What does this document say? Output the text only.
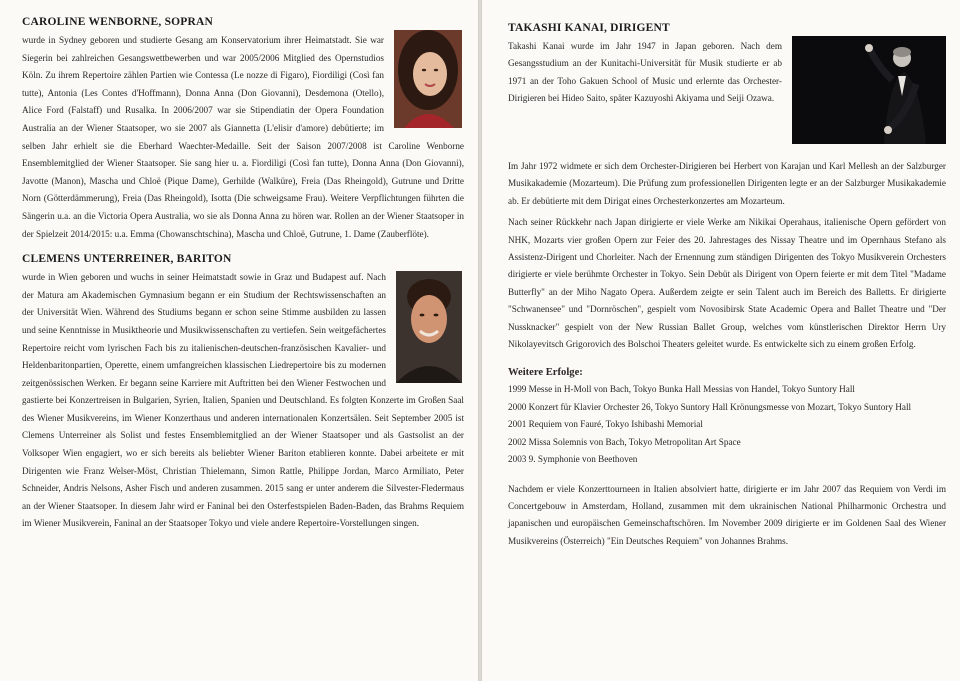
CAROLINE WENBORNE, SOPRAN

wurde in Sydney geboren und studierte Gesang am Konservatorium ihrer Heimatstadt. Sie war Siegerin bei zahlreichen Gesangswettbewerben und war 2005/2006 Mitglied des Opernstudios Köln. Zu ihrem Repertoire zählen Partien wie Contessa (Le nozze di Figaro), Fiordiligi (Così fan tutte), Antonia (Les Contes d'Hoffmann), Donna Anna (Don Giovanni), Desdemona (Otello), Alice Ford (Falstaff) und Rusalka. In 2006/2007 war sie Stipendiatin der Opera Foundation Australia an der Wiener Staatsoper, wo sie 2007 als Giannetta (L'elisir d'amore) debütierte; im selben Jahr erhielt sie die Eberhard Waechter-Medaille. Seit der Saison 2007/2008 ist Caroline Wenborne Ensemblemitglied der Wiener Staatsoper. Sie sang hier u. a. Fiordiligi (Così fan tutte), Donna Anna (Don Giovanni), Javotte (Manon), Mascha und Chloë (Pique Dame), Gerhilde (Walküre), Freia (Das Rheingold), Gutrune und Dritte Norn (Götterdämmerung), Freia (Das Rheingold), Isotta (Die schweigsame Frau). Weitere Verpflichtungen führten die Sängerin u.a. an die Victoria Opera Australia, wo sie als Donna Anna zu hören war. Rollen an der Wiener Staatsoper in der Spielzeit 2014/2015: u.a. Emma (Chowanschtschina), Mascha und Chloë, Gutrune, 1. Dame (Zauberflöte).

CLEMENS UNTERREINER, BARITON

wurde in Wien geboren und wuchs in seiner Heimatstadt sowie in Graz und Budapest auf. Nach der Matura am Akademischen Gymnasium begann er ein Studium der Rechtswissenschaften an der Universität Wien. Während des Studiums begann er schon seine Stimme ausbilden zu lassen und seine Kenntnisse in Musiktheorie und Musikwissenschaften zu vertiefen. Sein weitgefächertes Repertoire reicht vom lyrischen Fach bis zu italienischen-deutschen-französischen Kavalier- und Heldenbaritonpartien, Operette, einem umfangreichen klassischen Liedrepertoire bis zu modernen zeitgenössischen Werken. Er begann seine Karriere mit Auftritten bei den Wiener Festwochen und gastierte bei Konzertreisen in Bulgarien, Syrien, Italien, Spanien und Deutschland. Es folgten Konzerte im Großen Saal des Wiener Musikvereins, im Wiener Konzerthaus und anderen internationalen Konzertsälen. Seit September 2005 ist Clemens Unterreiner als Solist und festes Ensemblemitglied an der Wiener Staatsoper und als Gastsolist an der Volksoper Wien engagiert, wo er sich bereits als beliebter Wiener Bariton etablieren konnte. Dabei arbeitete er mit Dirigenten wie Franz Welser-Möst, Christian Thielemann, Simon Rattle, Philippe Jordan, Marco Armiliato, Peter Schneider, Andris Nelsons, Asher Fisch und anderen zusammen. 2015 sang er unter anderem die Silvester-Fledermaus an der Wiener Staatsoper. In diesem Jahr wird er Faninal bei den Osterfestspielen Baden-Baden, das Brahms Requiem im Wiener Musikverein, Faninal an der Staatsoper Tokyo und viele andere Repertoire-Vorstellungen singen.

TAKASHI KANAI, DIRIGENT

Takashi Kanai wurde im Jahr 1947 in Japan geboren. Nach dem Gesangsstudium an der Kunitachi-Universität für Musik studierte er ab 1971 an der Toho Gakuen School of Music und erlernte das Orchester-Dirigieren bei Hideo Saito, später Kazuyoshi Akiyama und Seiji Ozawa.

Im Jahr 1972 widmete er sich dem Orchester-Dirigieren bei Herbert von Karajan und Karl Mellesh an der Salzburger Musikakademie (Mozarteum). Die Prüfung zum professionellen Dirigenten legte er an der Salzburger Musikakademie ab. Er debütierte mit dem Dirigat eines Orchesterkonzertes am Mozarteum.

Nach seiner Rückkehr nach Japan dirigierte er viele Werke am Nikikai Operahaus, italienische Opern gefördert von NHK, Mozarts vier großen Opern zur Feier des 20. Jahrestages des Nissay Theatre und im Opernhaus Stefano als Assistenz-Dirigent und Chorleiter. Nach der Ernennung zum ständigen Dirigenten des Tokyo Musikverein Orchesters dirigierte er viele berühmte Orchester in Tokyo. Sein Debüt als Dirigent von Opern feierte er mit dem Titel "Madame Butterfly" an der Miho Nagato Opera. Außerdem zeigte er sein Talent auch im Bereich des Balletts. Er dirigierte "Schwanensee" und "Dornröschen", gespielt vom Novosibirsk State Academic Opera and Ballet Theatre und "Der Nussknacker" gespielt von der New Russian Ballet Group, welches vom künstlerischen Direktor Herrn Ury Nikolayevitsch Grigorovich des Bolschoi Theaters geleitet wurde. Es entwickelte sich zu einem großen Erfolg.

Weitere Erfolge:
1999 Messe in H-Moll von Bach, Tokyo Bunka Hall Messias von Handel, Tokyo Suntory Hall
2000 Konzert für Klavier Orchester 26, Tokyo Suntory Hall Krönungsmesse von Mozart, Tokyo Suntory Hall
2001 Requiem von Fauré, Tokyo Ishibashi Memorial
2002 Missa Solemnis von Bach, Tokyo Metropolitan Art Space
2003 9. Symphonie von Beethoven

Nachdem er viele Konzerttourneen in Italien absolviert hatte, dirigierte er im Jahr 2007 das Requiem von Verdi im Concertgebouw in Amsterdam, Holland, zusammen mit dem ukrainischen National Philharmonic Orchestra und japanischen und europäischen Gemeinschaftschören. Im November 2009 dirigierte er im Goldenen Saal des Wiener Musikvereins (Österreich) "Ein Deutsches Requiem" von Johannes Brahms.
